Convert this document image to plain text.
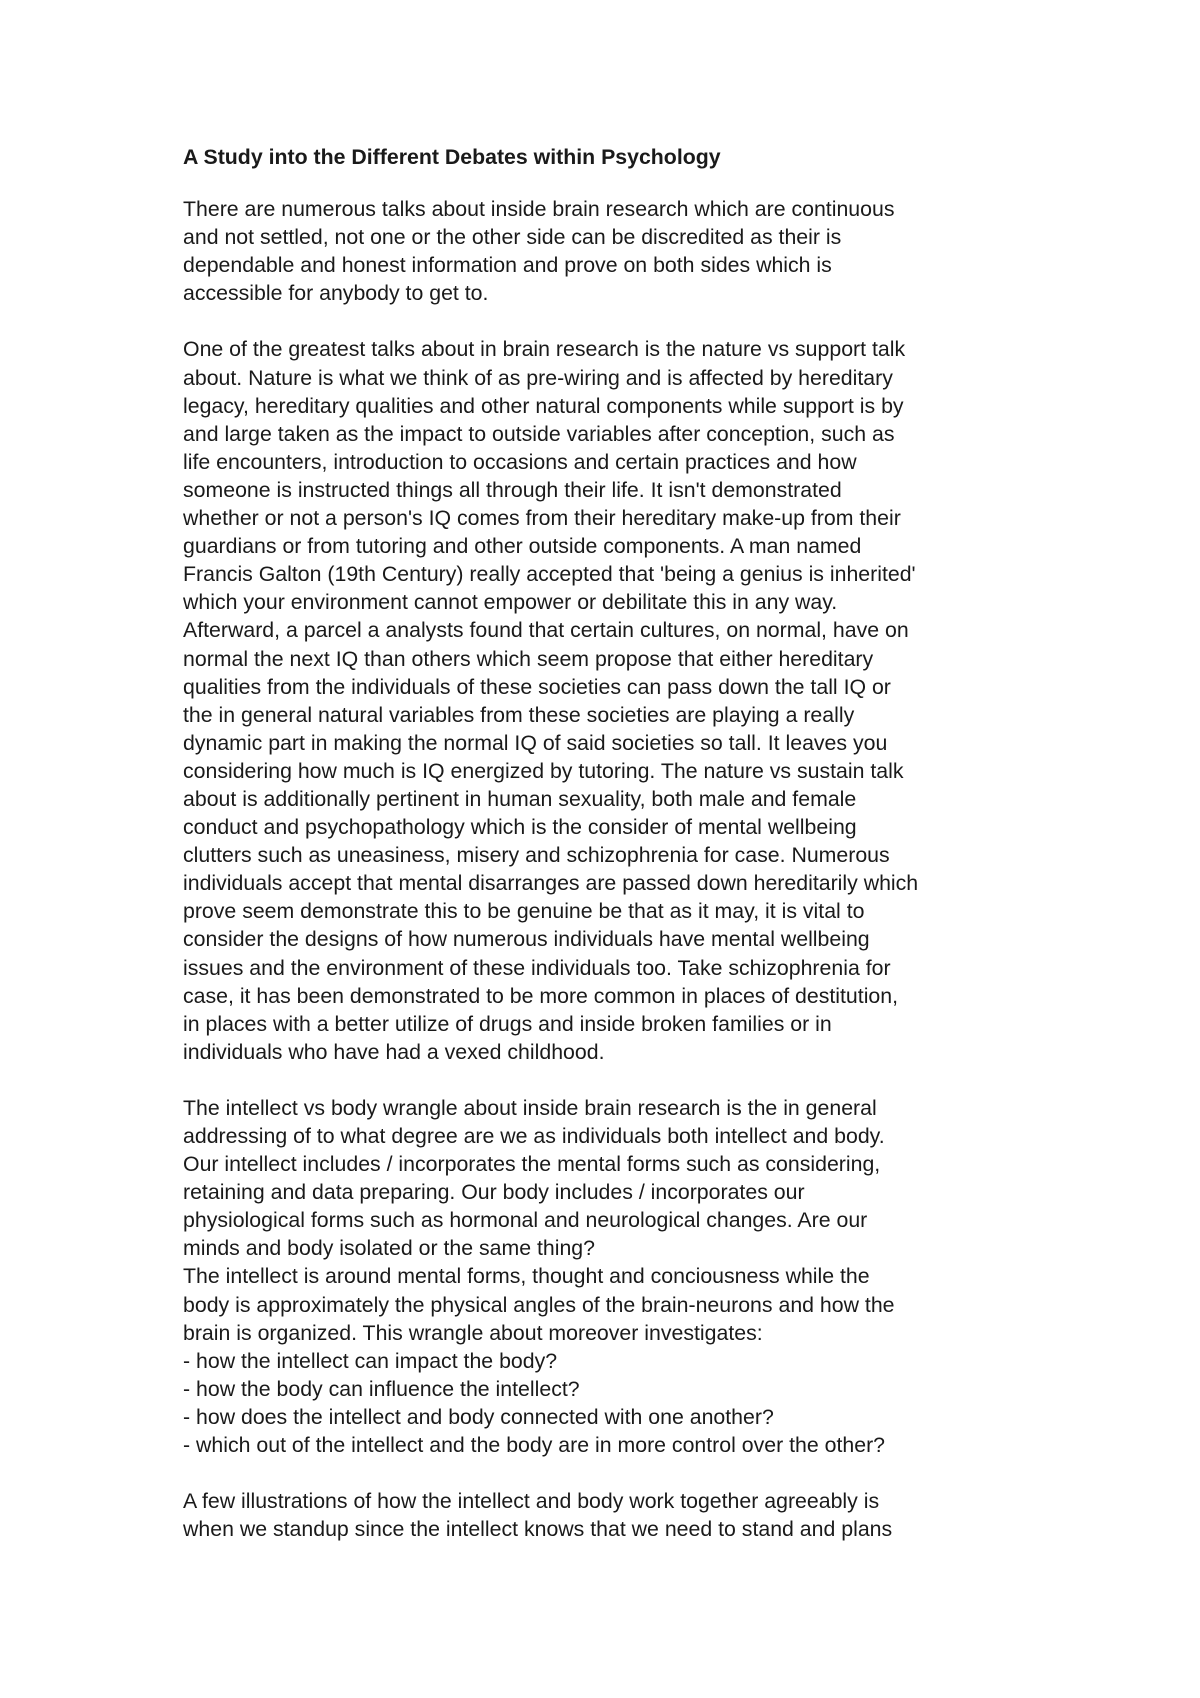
A Study into the Different Debates within Psychology
There are numerous talks about inside brain research which are continuous
and not settled, not one or the other side can be discredited as their is
dependable and honest information and prove on both sides which is
accessible for anybody to get to.
One of the greatest talks about in brain research is the nature vs support talk
about. Nature is what we think of as pre-wiring and is affected by hereditary
legacy, hereditary qualities and other natural components while support is by
and large taken as the impact to outside variables after conception, such as
life encounters, introduction to occasions and certain practices and how
someone is instructed things all through their life. It isn't demonstrated
whether or not a person's IQ comes from their hereditary make-up from their
guardians or from tutoring and other outside components. A man named
Francis Galton (19th Century) really accepted that 'being a genius is inherited'
which your environment cannot empower or debilitate this in any way.
Afterward, a parcel a analysts found that certain cultures, on normal, have on
normal the next IQ than others which seem propose that either hereditary
qualities from the individuals of these societies can pass down the tall IQ or
the in general natural variables from these societies are playing a really
dynamic part in making the normal IQ of said societies so tall. It leaves you
considering how much is IQ energized by tutoring. The nature vs sustain talk
about is additionally pertinent in human sexuality, both male and female
conduct and psychopathology which is the consider of mental wellbeing
clutters such as uneasiness, misery and schizophrenia for case. Numerous
individuals accept that mental disarranges are passed down hereditarily which
prove seem demonstrate this to be genuine be that as it may, it is vital to
consider the designs of how numerous individuals have mental wellbeing
issues and the environment of these individuals too. Take schizophrenia for
case, it has been demonstrated to be more common in places of destitution,
in places with a better utilize of drugs and inside broken families or in
individuals who have had a vexed childhood.
The intellect vs body wrangle about inside brain research is the in general
addressing of to what degree are we as individuals both intellect and body.
Our intellect includes / incorporates the mental forms such as considering,
retaining and data preparing. Our body includes / incorporates our
physiological forms such as hormonal and neurological changes. Are our
minds and body isolated or the same thing?
The intellect is around mental forms, thought and conciousness while the
body is approximately the physical angles of the brain-neurons and how the
brain is organized. This wrangle about moreover investigates:
- how the intellect can impact the body?
- how the body can influence the intellect?
- how does the intellect and body connected with one another?
- which out of the intellect and the body are in more control over the other?
A few illustrations of how the intellect and body work together agreeably is
when we standup since the intellect knows that we need to stand and plans
